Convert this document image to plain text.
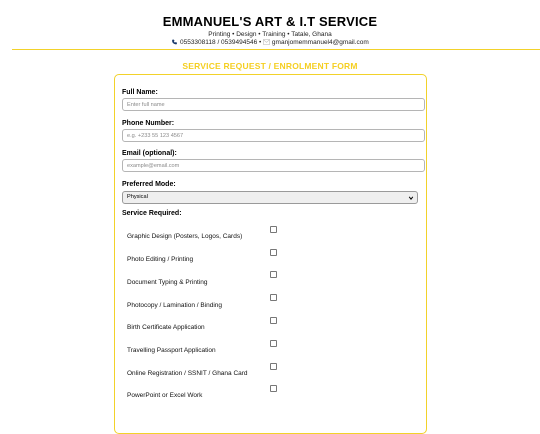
EMMANUEL'S ART & I.T SERVICE
Printing • Design • Training • Tatale, Ghana
0553308118 / 0539494546 • gmanjomemmanuel4@gmail.com
SERVICE REQUEST / ENROLMENT FORM
Full Name:
Enter full name
Phone Number:
e.g. +233 55 123 4567
Email (optional):
example@email.com
Preferred Mode:
Physical
Service Required:
Graphic Design (Posters, Logos, Cards)
Photo Editing / Printing
Document Typing & Printing
Photocopy / Lamination / Binding
Birth Certificate Application
Travelling Passport Application
Online Registration / SSNIT / Ghana Card
PowerPoint or Excel Work
